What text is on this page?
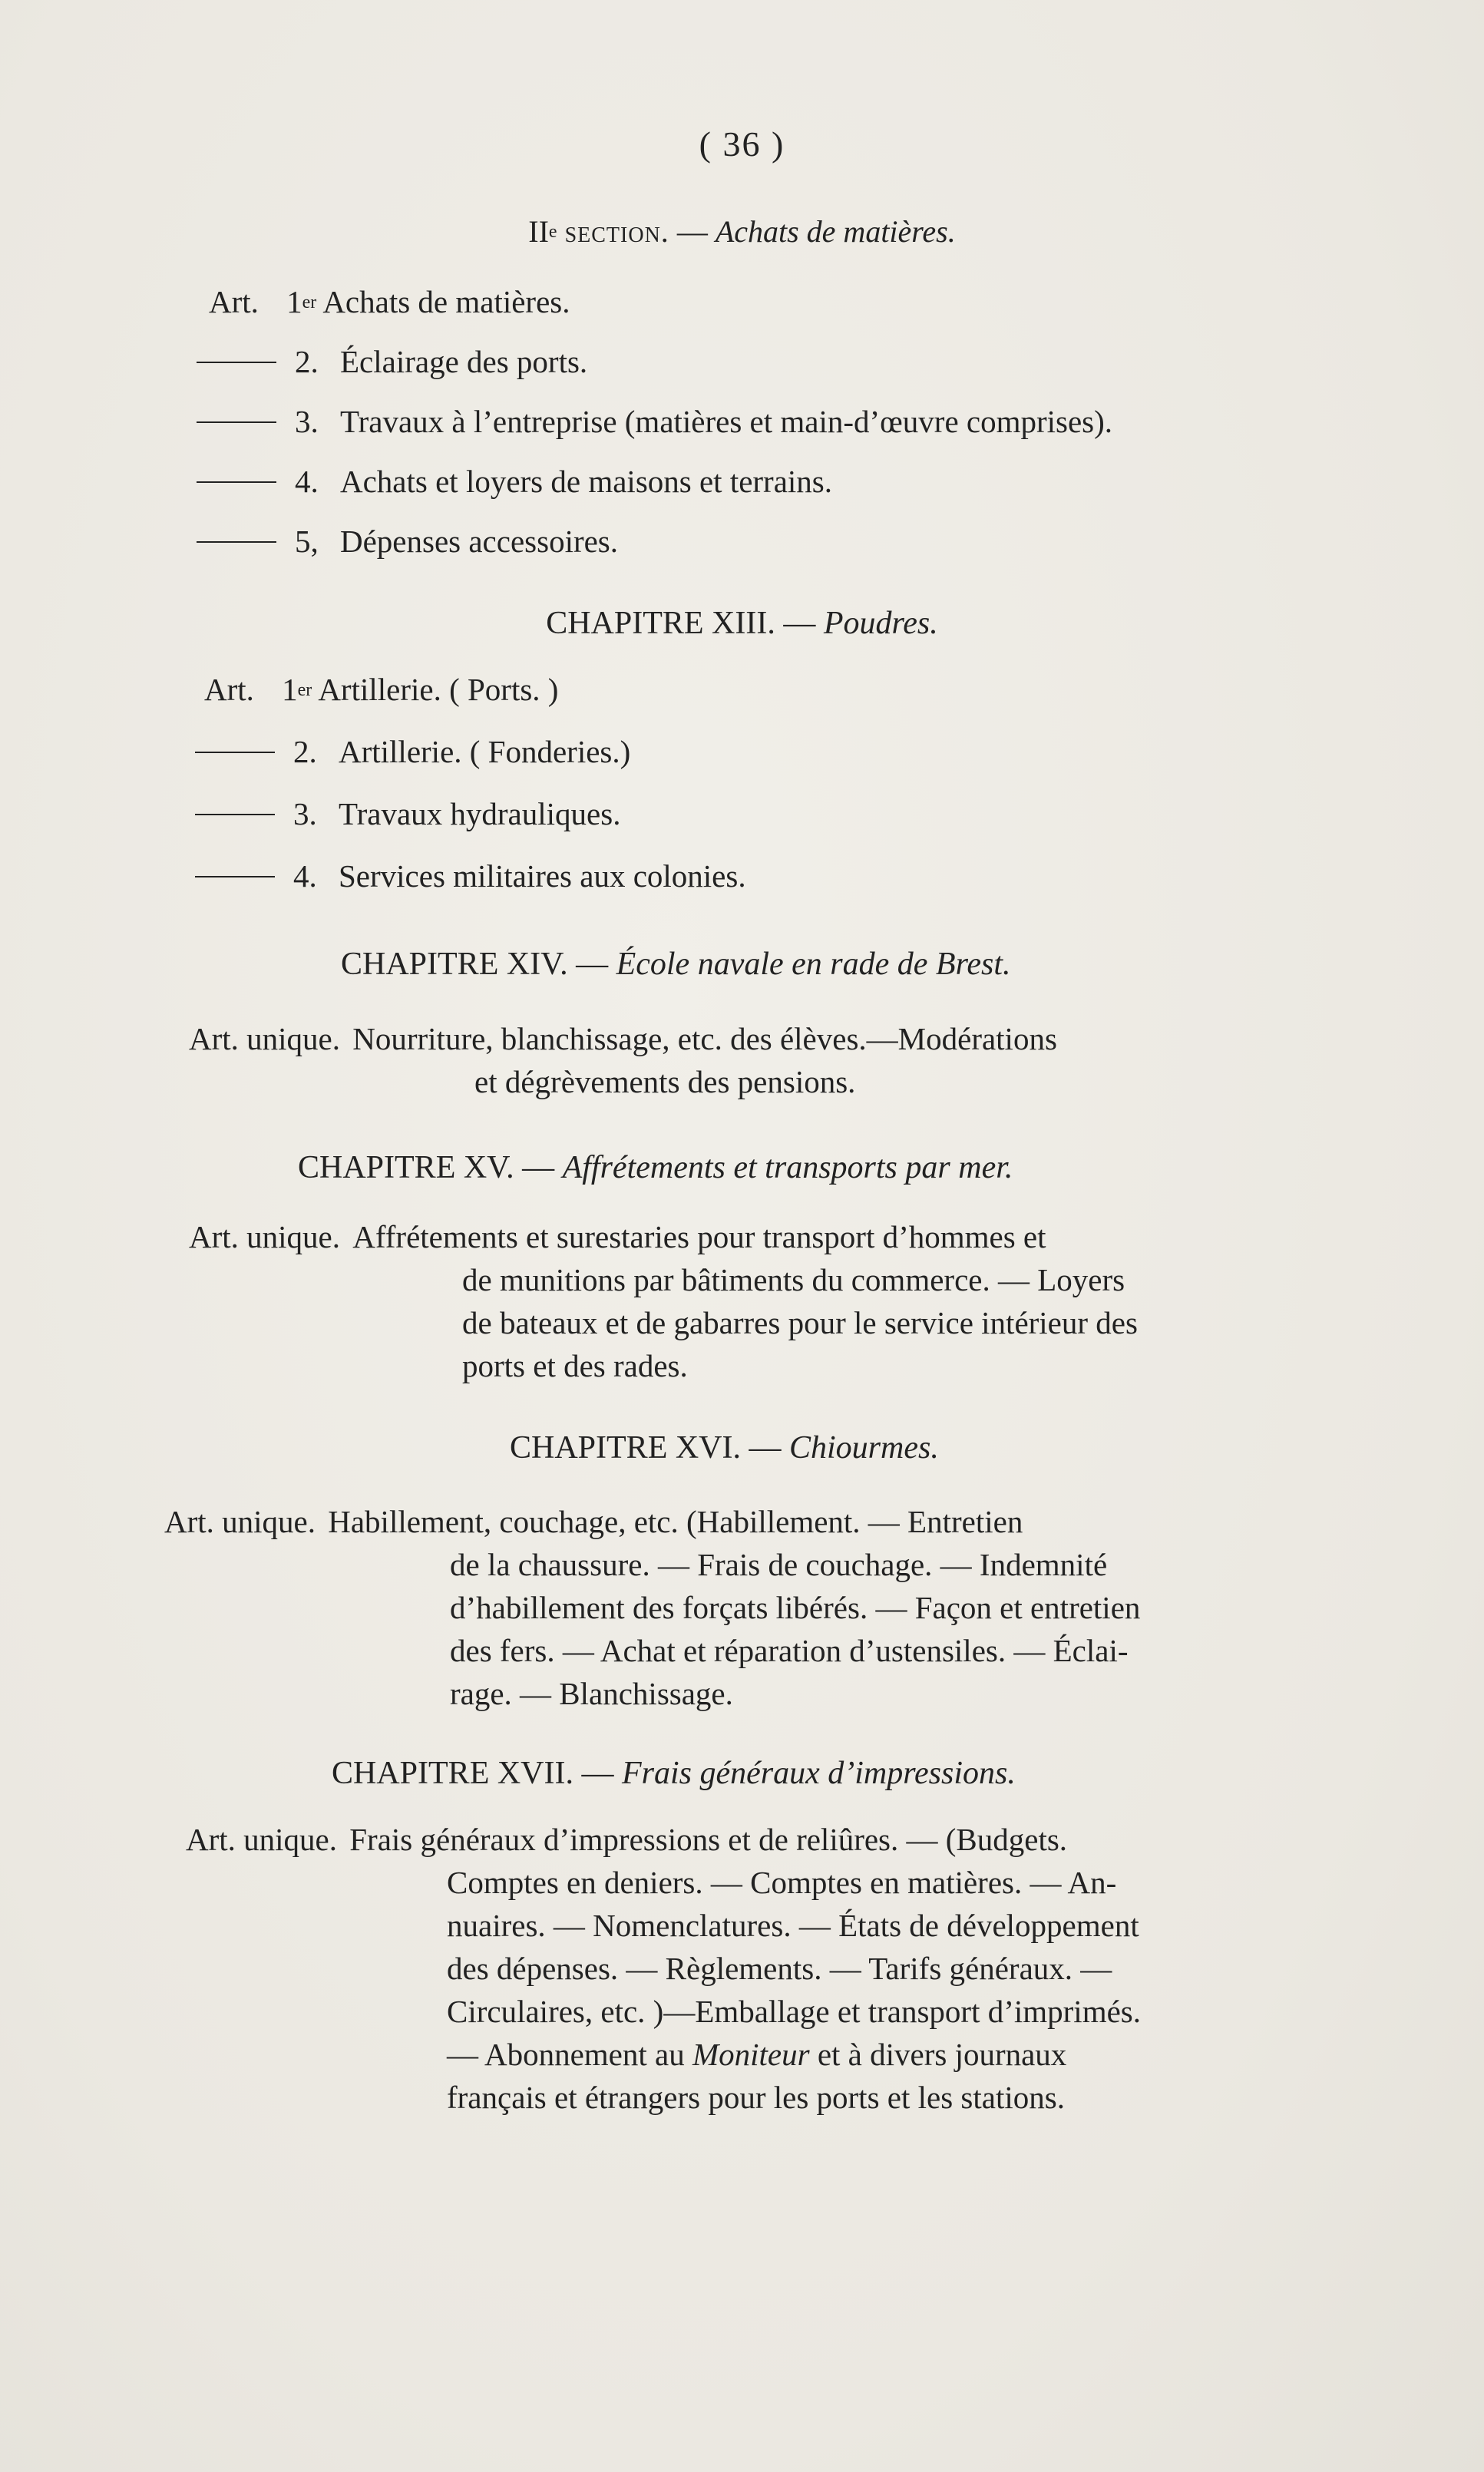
( 36 )
IIe section. — Achats de matières.
Art. 1er Achats de matières.
2. Éclairage des ports.
3. Travaux à l’entreprise (matières et main-d’œuvre comprises).
4. Achats et loyers de maisons et terrains.
5, Dépenses accessoires.
CHAPITRE XIII. — Poudres.
Art. 1er Artillerie. ( Ports. )
2. Artillerie. ( Fonderies.)
3. Travaux hydrauliques.
4. Services militaires aux colonies.
CHAPITRE XIV. — École navale en rade de Brest.
Art. unique. Nourriture, blanchissage, etc. des élèves.—Modérations
et dégrèvements des pensions.
CHAPITRE XV. — Affrétements et transports par mer.
Art. unique. Affrétements et surestaries pour transport d’hommes et
de munitions par bâtiments du commerce. — Loyers
de bateaux et de gabarres pour le service intérieur des
ports et des rades.
CHAPITRE XVI. — Chiourmes.
Art. unique. Habillement, couchage, etc. (Habillement. — Entretien
de la chaussure. — Frais de couchage. — Indemnité
d’habillement des forçats libérés. — Façon et entretien
des fers. — Achat et réparation d’ustensiles. — Éclai-
rage. — Blanchissage.
CHAPITRE XVII. — Frais généraux d’impressions.
Art. unique. Frais généraux d’impressions et de reliûres. — (Budgets.
Comptes en deniers. — Comptes en matières. — An-
nuaires. — Nomenclatures. — États de développement
des dépenses. — Règlements. — Tarifs généraux. —
Circulaires, etc. )—Emballage et transport d’imprimés.
— Abonnement au Moniteur et à divers journaux
français et étrangers pour les ports et les stations.
